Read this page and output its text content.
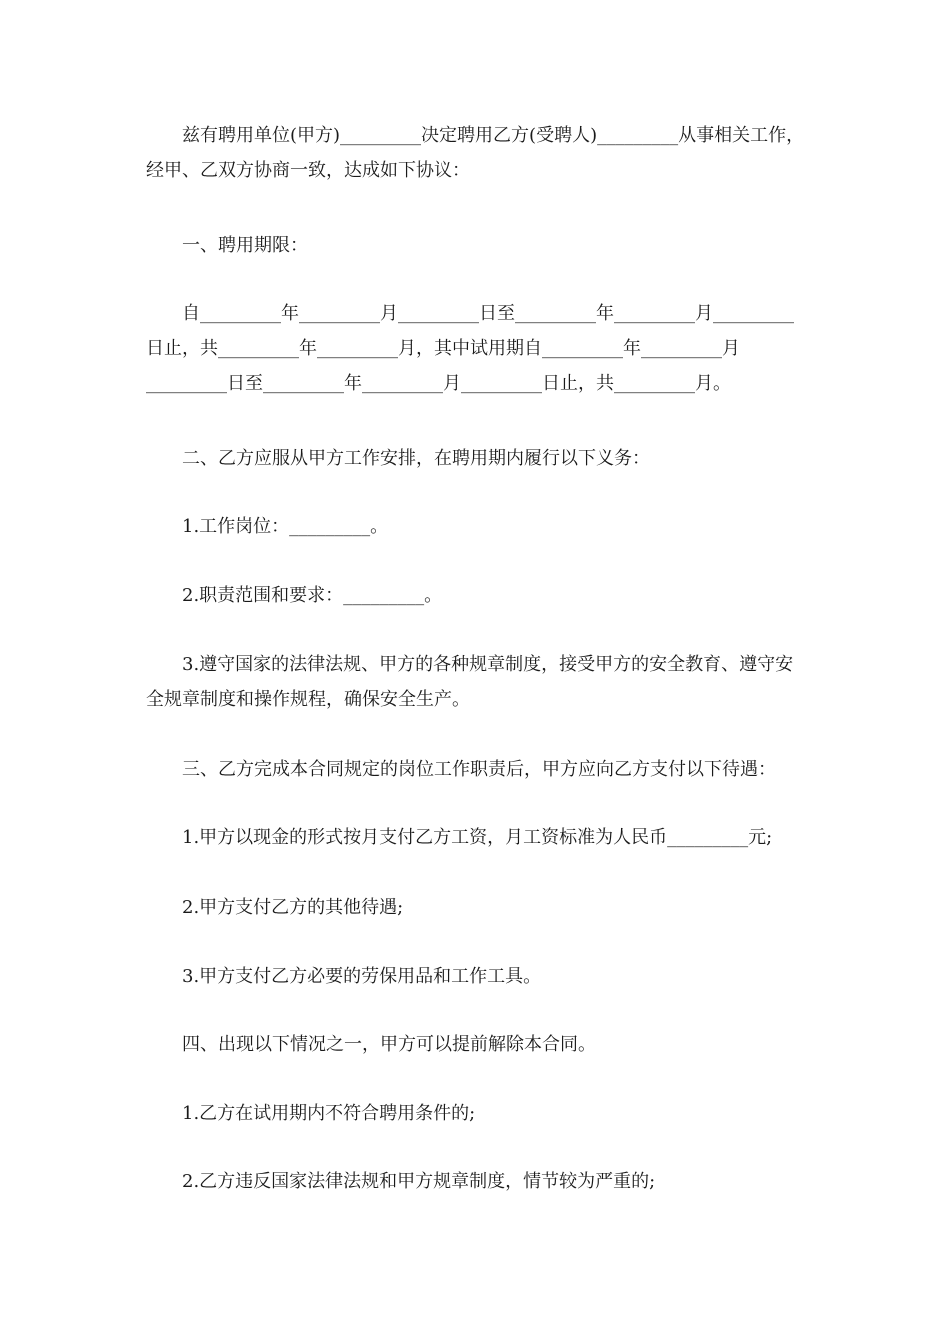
　　兹有聘用单位(甲方)_________决定聘用乙方(受聘人)_________从事相关工作，经甲、乙双方协商一致，达成如下协议：

　　一、聘用期限：

　　自_________年_________月_________日至_________年_________月_________日止，共_________年_________月，其中试用期自_________年_________月_________日至_________年_________月_________日止，共_________月。

　　二、乙方应服从甲方工作安排，在聘用期内履行以下义务：

　　1.工作岗位：_________。

　　2.职责范围和要求：_________。

　　3.遵守国家的法律法规、甲方的各种规章制度，接受甲方的安全教育、遵守安全规章制度和操作规程，确保安全生产。

　　三、乙方完成本合同规定的岗位工作职责后，甲方应向乙方支付以下待遇：

　　1.甲方以现金的形式按月支付乙方工资，月工资标准为人民币_________元;

　　2.甲方支付乙方的其他待遇;

　　3.甲方支付乙方必要的劳保用品和工作工具。

　　四、出现以下情况之一，甲方可以提前解除本合同。

　　1.乙方在试用期内不符合聘用条件的;

　　2.乙方违反国家法律法规和甲方规章制度，情节较为严重的;
